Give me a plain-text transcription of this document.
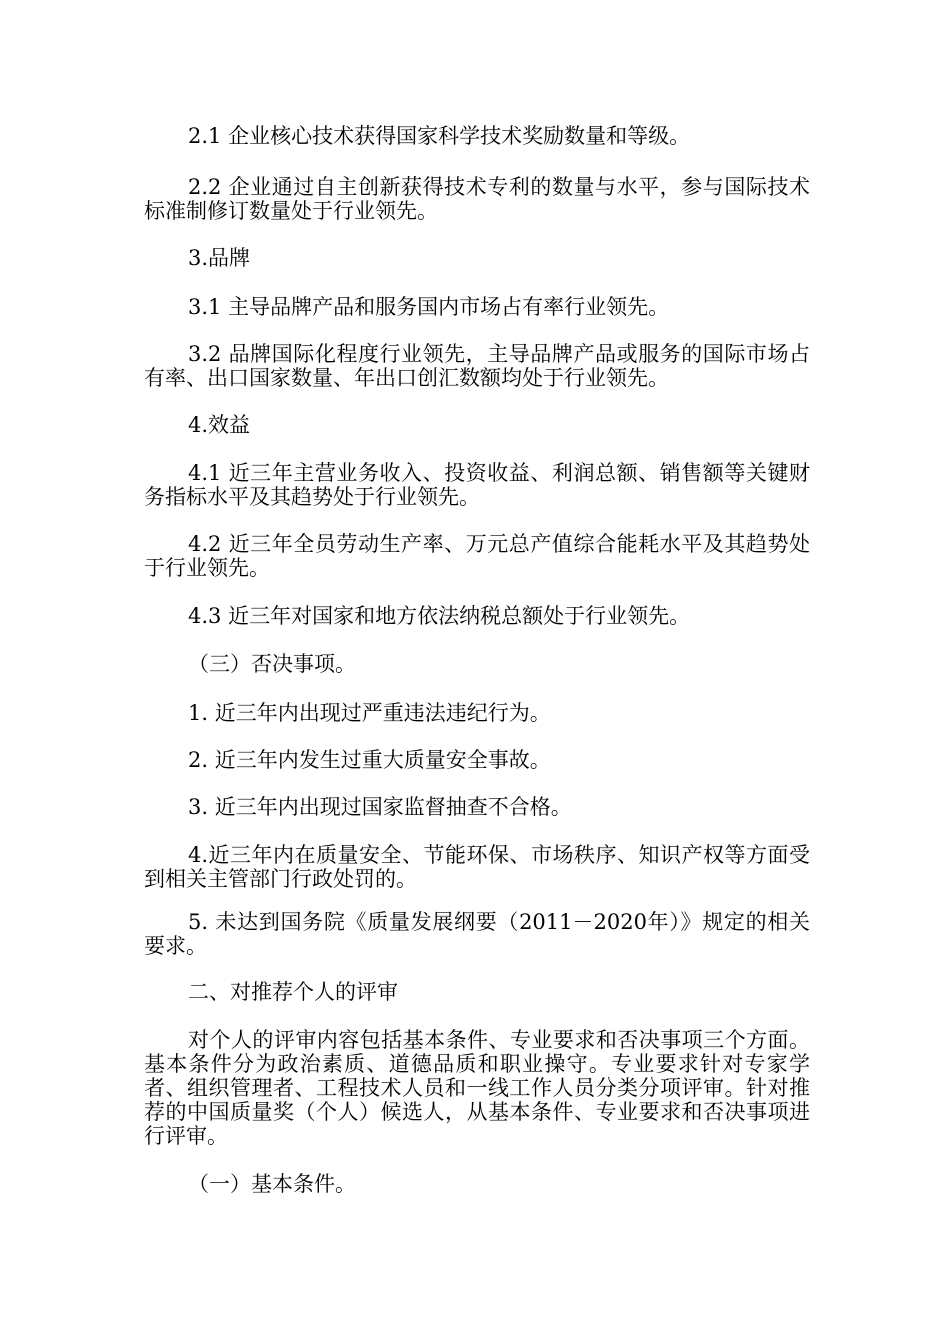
2.1 企业核心技术获得国家科学技术奖励数量和等级。

2.2 企业通过自主创新获得技术专利的数量与水平，参与国际技术标准制修订数量处于行业领先。

3.品牌

3.1 主导品牌产品和服务国内市场占有率行业领先。

3.2 品牌国际化程度行业领先，主导品牌产品或服务的国际市场占有率、出口国家数量、年出口创汇数额均处于行业领先。

4.效益

4.1 近三年主营业务收入、投资收益、利润总额、销售额等关键财务指标水平及其趋势处于行业领先。

4.2 近三年全员劳动生产率、万元总产值综合能耗水平及其趋势处于行业领先。

4.3 近三年对国家和地方依法纳税总额处于行业领先。

（三）否决事项。

1. 近三年内出现过严重违法违纪行为。

2. 近三年内发生过重大质量安全事故。

3. 近三年内出现过国家监督抽查不合格。

4.近三年内在质量安全、节能环保、市场秩序、知识产权等方面受到相关主管部门行政处罚的。

5. 未达到国务院《质量发展纲要（2011－2020年）》规定的相关要求。

二、对推荐个人的评审

对个人的评审内容包括基本条件、专业要求和否决事项三个方面。基本条件分为政治素质、道德品质和职业操守。专业要求针对专家学者、组织管理者、工程技术人员和一线工作人员分类分项评审。针对推荐的中国质量奖（个人）候选人，从基本条件、专业要求和否决事项进行评审。

（一）基本条件。
